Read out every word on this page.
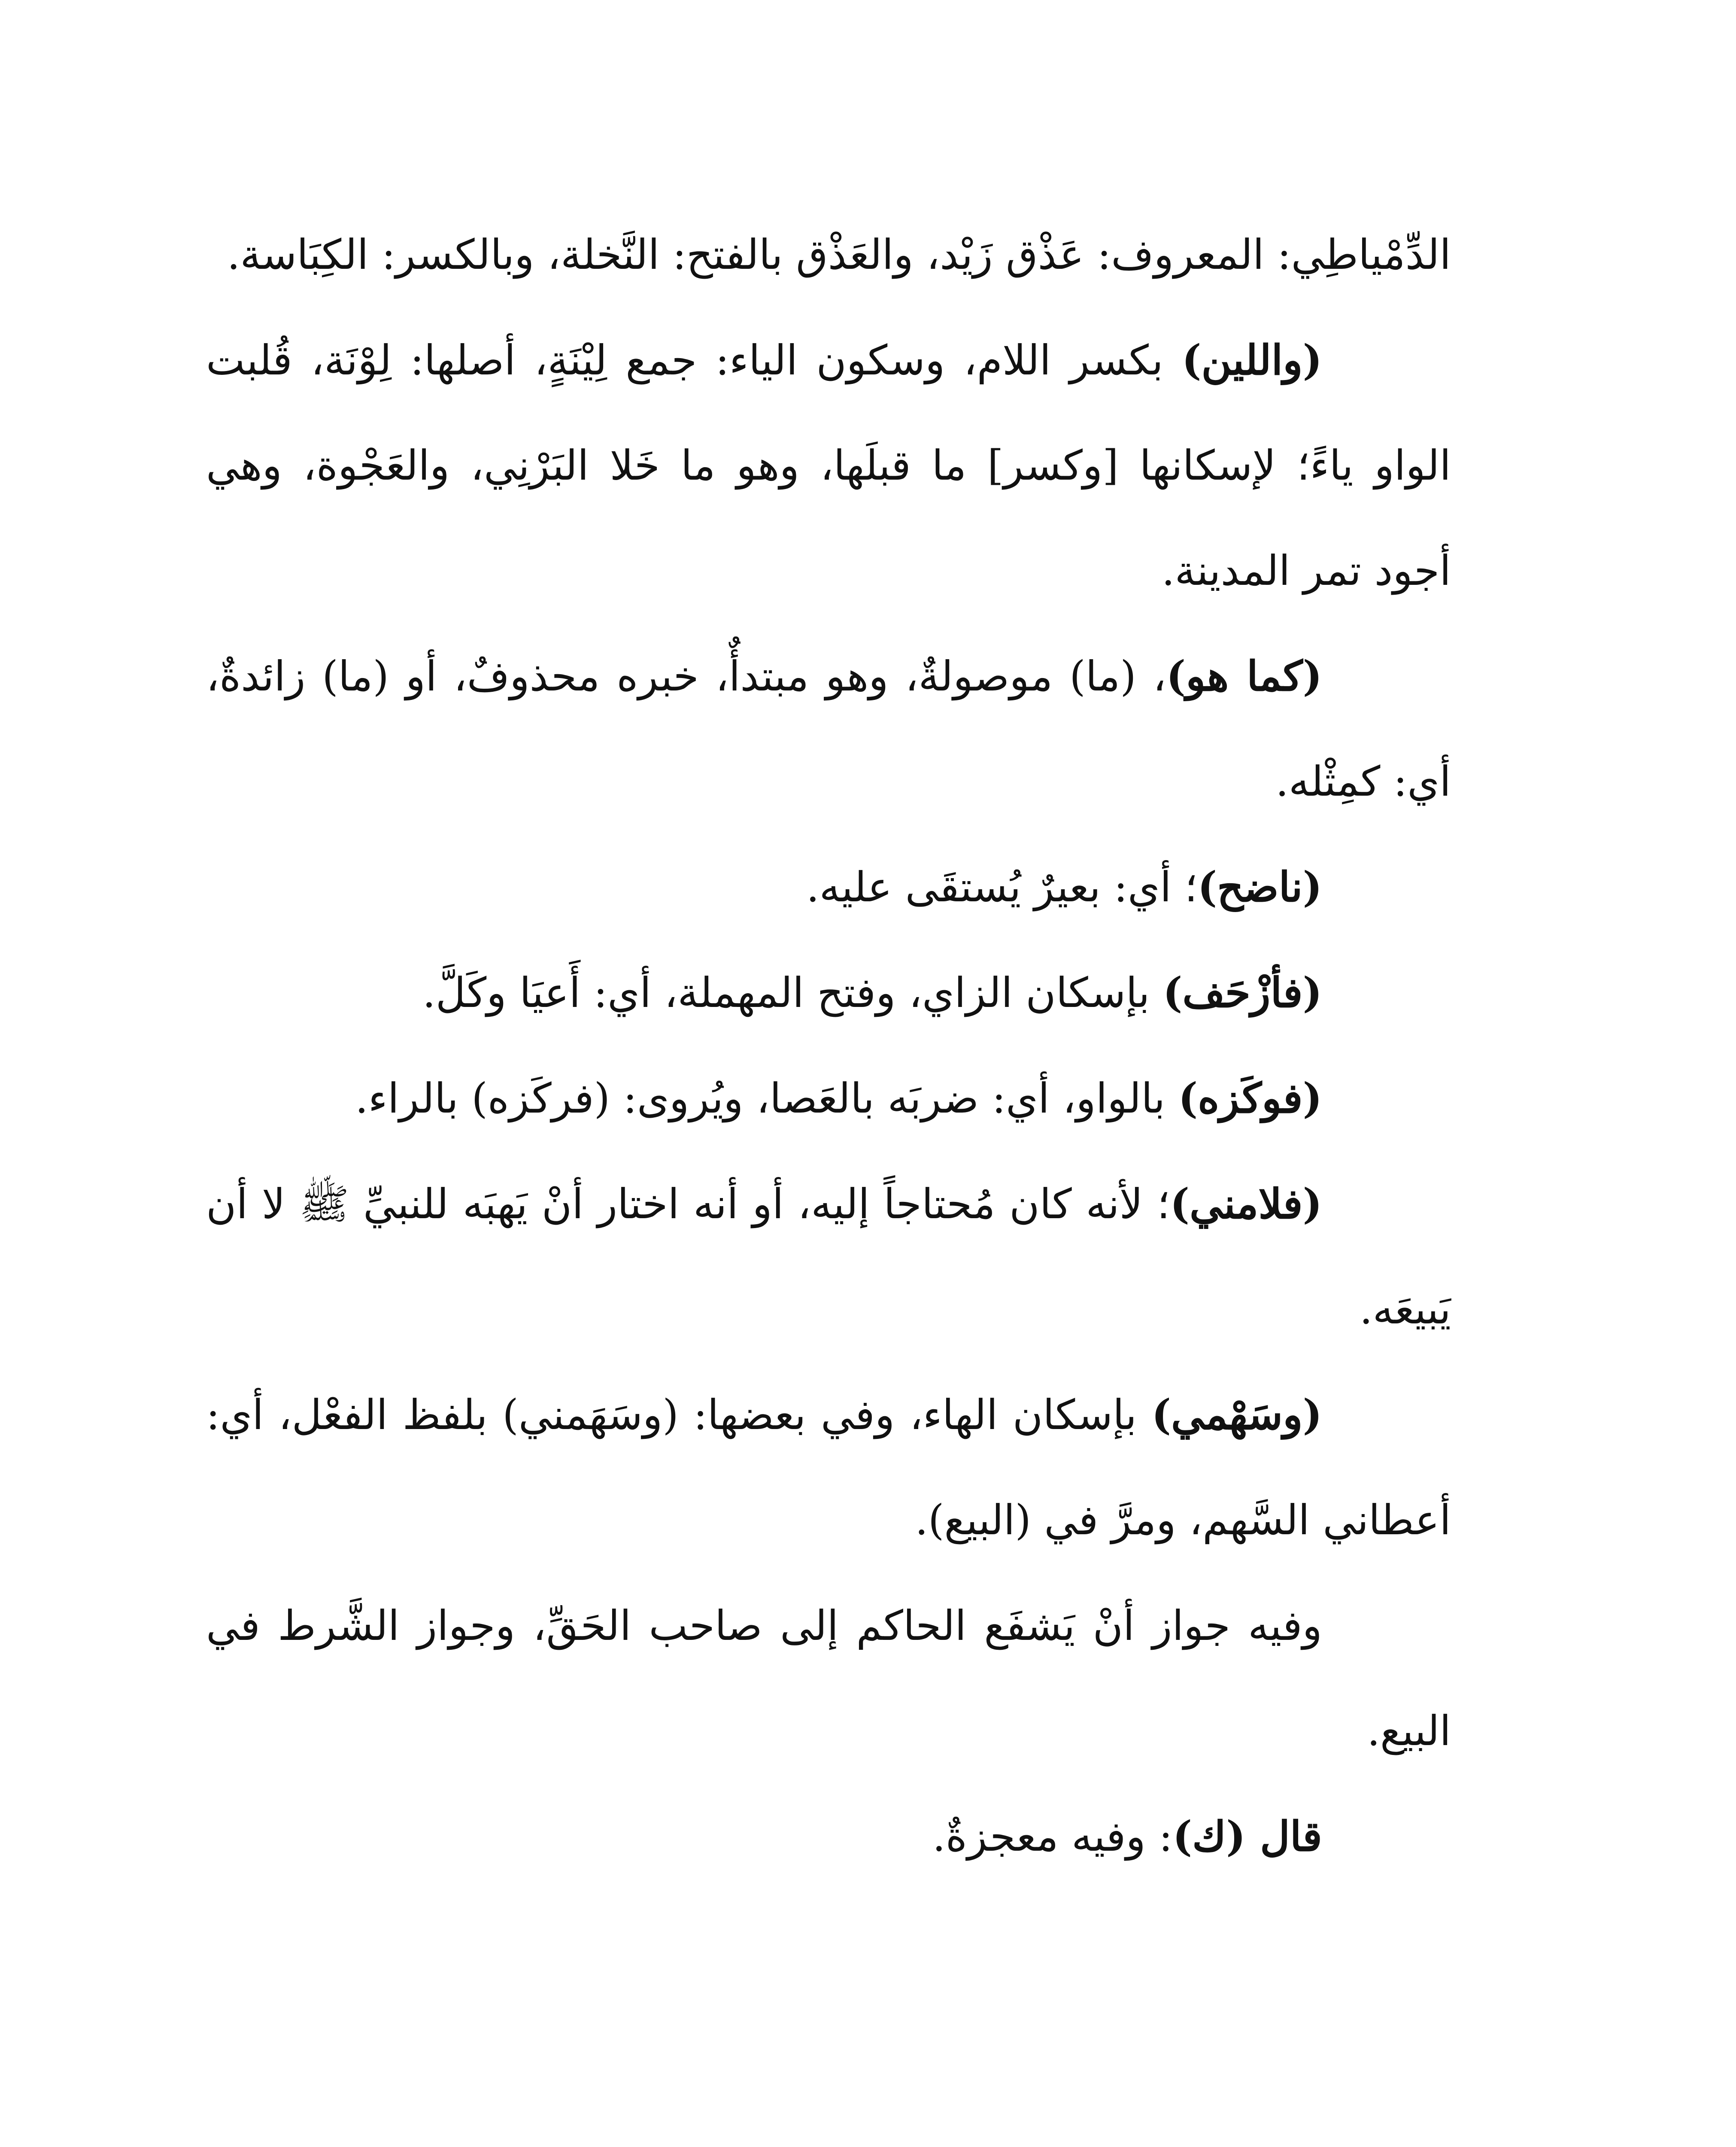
الدِّمْياطِي: المعروف: عَذْق زَيْد، والعَذْق بالفتح: النَّخلة، وبالكسر: الكِبَاسة.

(واللين) بكسر اللام، وسكون الياء: جمع لِيْنَةٍ، أصلها: لِوْنَة، قُلبت الواو ياءً؛ لإسكانها [وكسر] ما قبلَها، وهو ما خَلا البَرْنِي، والعَجْوة، وهي أجود تمر المدينة.

(كما هو)، (ما) موصولةٌ، وهو مبتدأٌ، خبره محذوفٌ، أو (ما) زائدةٌ، أي: كمِثْله.

(ناضح)؛ أي: بعيرٌ يُستقَى عليه.

(فأزْحَف) بإسكان الزاي، وفتح المهملة، أي: أَعيَا وكَلَّ.

(فوكَزه) بالواو، أي: ضربَه بالعَصا، ويُروى: (فركَزه) بالراء.

(فلامني)؛ لأنه كان مُحتاجاً إليه، أو أنه اختار أنْ يَهبَه للنبيِّ ﷺ لا أن يَبيعَه.

(وسَهْمي) بإسكان الهاء، وفي بعضها: (وسَهَمني) بلفظ الفعْل، أي: أعطاني السَّهم، ومرَّ في (البيع).

وفيه جواز أنْ يَشفَع الحاكم إلى صاحب الحَقِّ، وجواز الشَّرط في البيع.

قال (ك): وفيه معجزةٌ.
